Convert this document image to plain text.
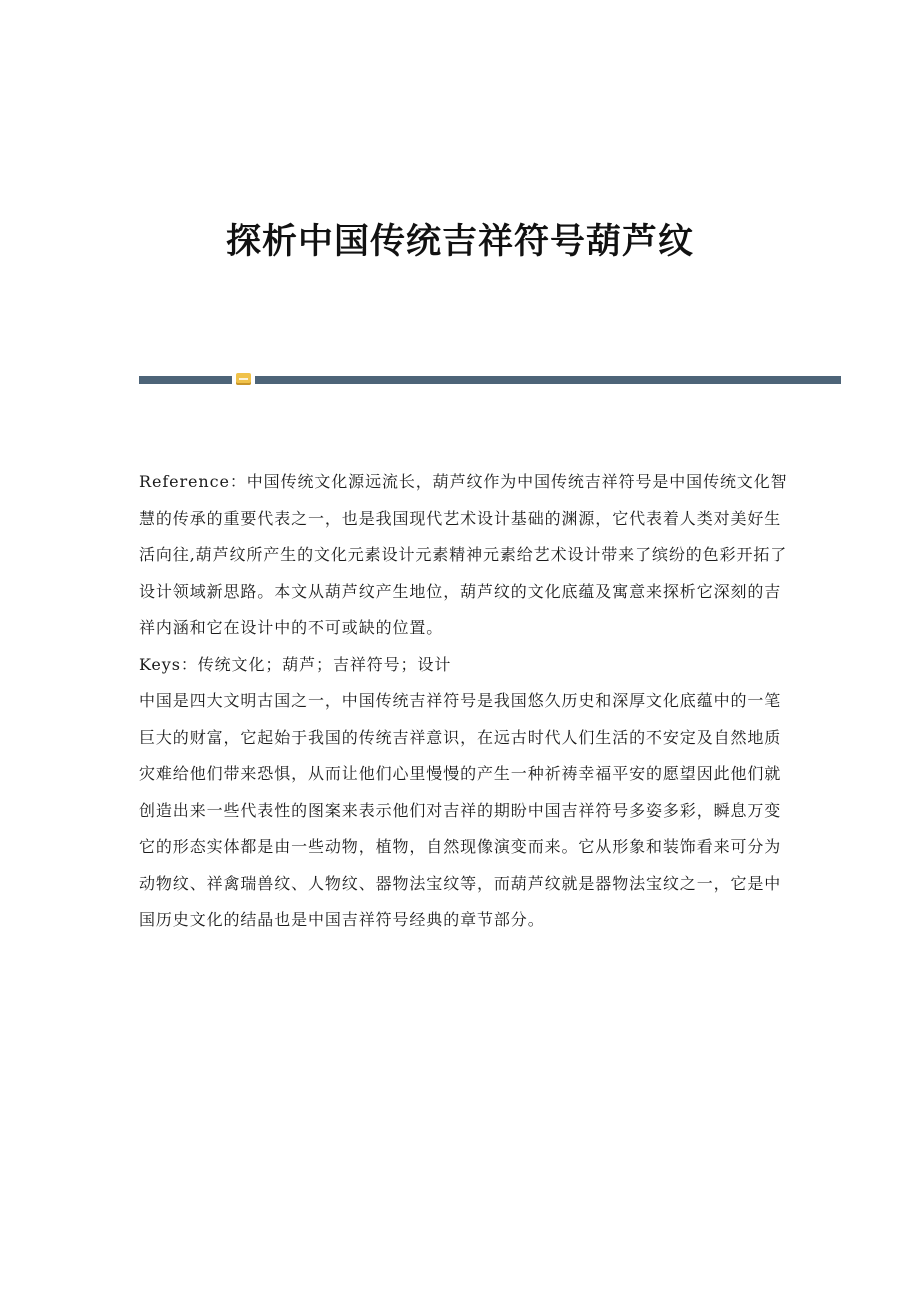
探析中国传统吉祥符号葫芦纹

Reference：中国传统文化源远流长，葫芦纹作为中国传统吉祥符号是中国传统文化智慧的传承的重要代表之一，也是我国现代艺术设计基础的渊源，它代表着人类对美好生活向往,葫芦纹所产生的文化元素设计元素精神元素给艺术设计带来了缤纷的色彩开拓了设计领域新思路。本文从葫芦纹产生地位，葫芦纹的文化底蕴及寓意来探析它深刻的吉祥内涵和它在设计中的不可或缺的位置。

Keys：传统文化；葫芦；吉祥符号；设计

中国是四大文明古国之一，中国传统吉祥符号是我国悠久历史和深厚文化底蕴中的一笔巨大的财富，它起始于我国的传统吉祥意识，在远古时代人们生活的不安定及自然地质灾难给他们带来恐惧，从而让他们心里慢慢的产生一种祈祷幸福平安的愿望因此他们就创造出来一些代表性的图案来表示他们对吉祥的期盼中国吉祥符号多姿多彩，瞬息万变它的形态实体都是由一些动物，植物，自然现像演变而来。它从形象和装饰看来可分为动物纹、祥禽瑞兽纹、人物纹、器物法宝纹等，而葫芦纹就是器物法宝纹之一，它是中国历史文化的结晶也是中国吉祥符号经典的章节部分。
